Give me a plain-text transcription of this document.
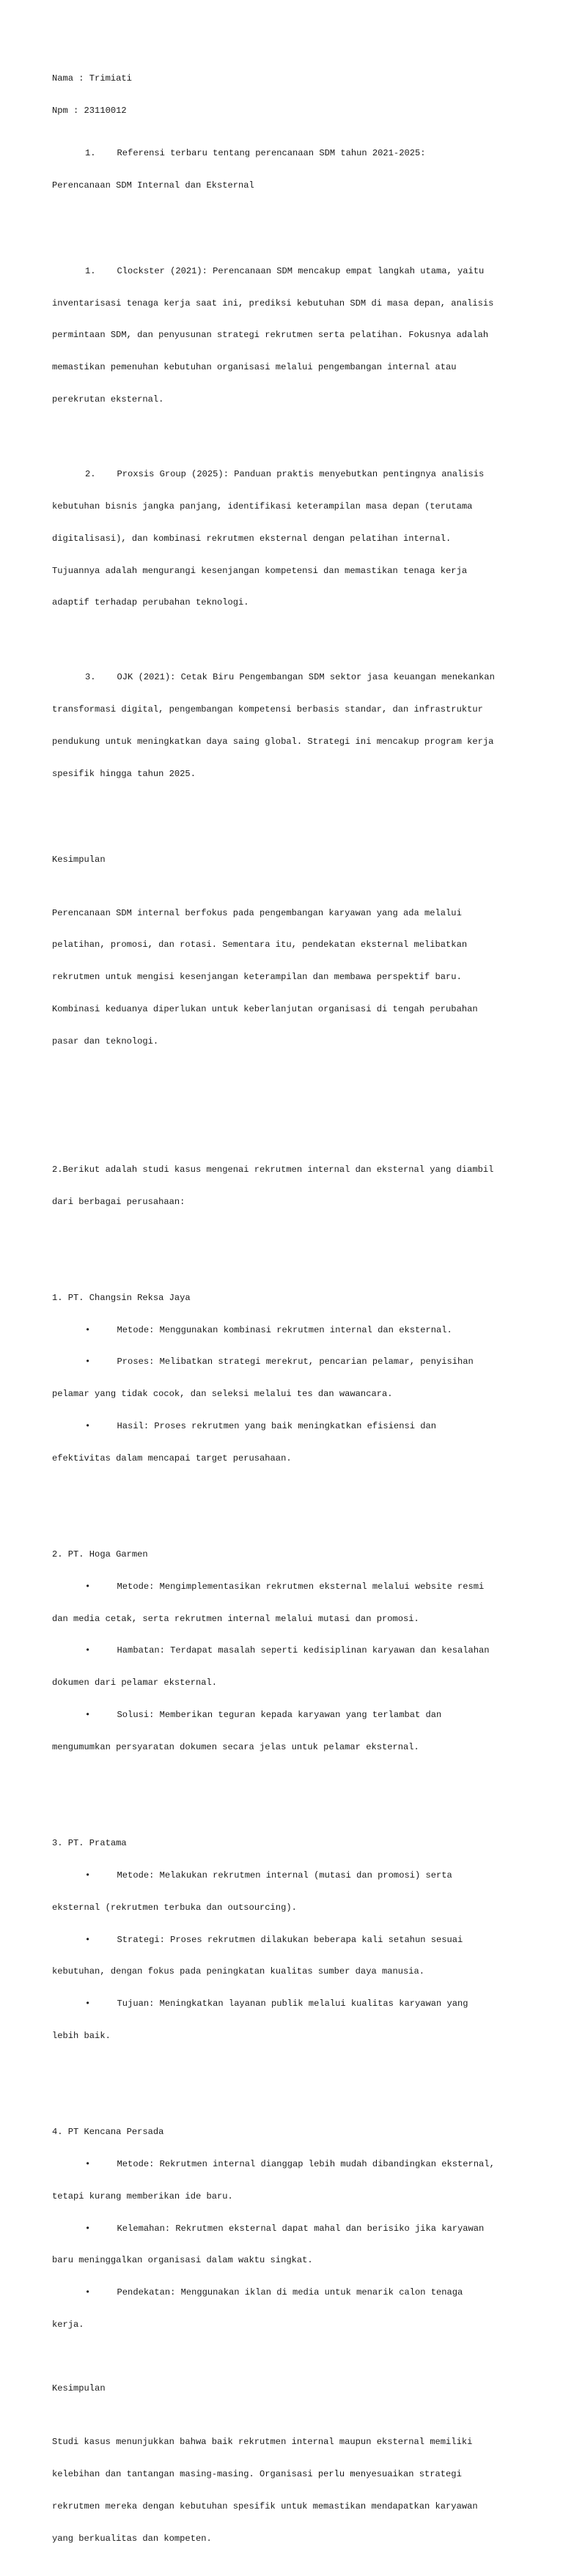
Nama : Trimiati

Npm : 23110012

1.    Referensi terbaru tentang perencanaan SDM tahun 2021-2025:

Perencanaan SDM Internal dan Eksternal

1.    Clockster (2021): Perencanaan SDM mencakup empat langkah utama, yaitu

inventarisasi tenaga kerja saat ini, prediksi kebutuhan SDM di masa depan, analisis

permintaan SDM, dan penyusunan strategi rekrutmen serta pelatihan. Fokusnya adalah

memastikan pemenuhan kebutuhan organisasi melalui pengembangan internal atau

perekrutan eksternal.

2.    Proxsis Group (2025): Panduan praktis menyebutkan pentingnya analisis

kebutuhan bisnis jangka panjang, identifikasi keterampilan masa depan (terutama

digitalisasi), dan kombinasi rekrutmen eksternal dengan pelatihan internal.

Tujuannya adalah mengurangi kesenjangan kompetensi dan memastikan tenaga kerja

adaptif terhadap perubahan teknologi.

3.    OJK (2021): Cetak Biru Pengembangan SDM sektor jasa keuangan menekankan

transformasi digital, pengembangan kompetensi berbasis standar, dan infrastruktur

pendukung untuk meningkatkan daya saing global. Strategi ini mencakup program kerja

spesifik hingga tahun 2025.

Kesimpulan

Perencanaan SDM internal berfokus pada pengembangan karyawan yang ada melalui

pelatihan, promosi, dan rotasi. Sementara itu, pendekatan eksternal melibatkan

rekrutmen untuk mengisi kesenjangan keterampilan dan membawa perspektif baru.

Kombinasi keduanya diperlukan untuk keberlanjutan organisasi di tengah perubahan

pasar dan teknologi.

2.Berikut adalah studi kasus mengenai rekrutmen internal dan eksternal yang diambil

dari berbagai perusahaan:

1. PT. Changsin Reksa Jaya

•     Metode: Menggunakan kombinasi rekrutmen internal dan eksternal.

•     Proses: Melibatkan strategi merekrut, pencarian pelamar, penyisihan

pelamar yang tidak cocok, dan seleksi melalui tes dan wawancara.

•     Hasil: Proses rekrutmen yang baik meningkatkan efisiensi dan

efektivitas dalam mencapai target perusahaan.

2. PT. Hoga Garmen

•     Metode: Mengimplementasikan rekrutmen eksternal melalui website resmi

dan media cetak, serta rekrutmen internal melalui mutasi dan promosi.

•     Hambatan: Terdapat masalah seperti kedisiplinan karyawan dan kesalahan

dokumen dari pelamar eksternal.

•     Solusi: Memberikan teguran kepada karyawan yang terlambat dan

mengumumkan persyaratan dokumen secara jelas untuk pelamar eksternal.

3. PT. Pratama

•     Metode: Melakukan rekrutmen internal (mutasi dan promosi) serta

eksternal (rekrutmen terbuka dan outsourcing).

•     Strategi: Proses rekrutmen dilakukan beberapa kali setahun sesuai

kebutuhan, dengan fokus pada peningkatan kualitas sumber daya manusia.

•     Tujuan: Meningkatkan layanan publik melalui kualitas karyawan yang

lebih baik.

4. PT Kencana Persada

•     Metode: Rekrutmen internal dianggap lebih mudah dibandingkan eksternal,

tetapi kurang memberikan ide baru.

•     Kelemahan: Rekrutmen eksternal dapat mahal dan berisiko jika karyawan

baru meninggalkan organisasi dalam waktu singkat.

•     Pendekatan: Menggunakan iklan di media untuk menarik calon tenaga

kerja.

Kesimpulan

Studi kasus menunjukkan bahwa baik rekrutmen internal maupun eksternal memiliki

kelebihan dan tantangan masing-masing. Organisasi perlu menyesuaikan strategi

rekrutmen mereka dengan kebutuhan spesifik untuk memastikan mendapatkan karyawan

yang berkualitas dan kompeten.
